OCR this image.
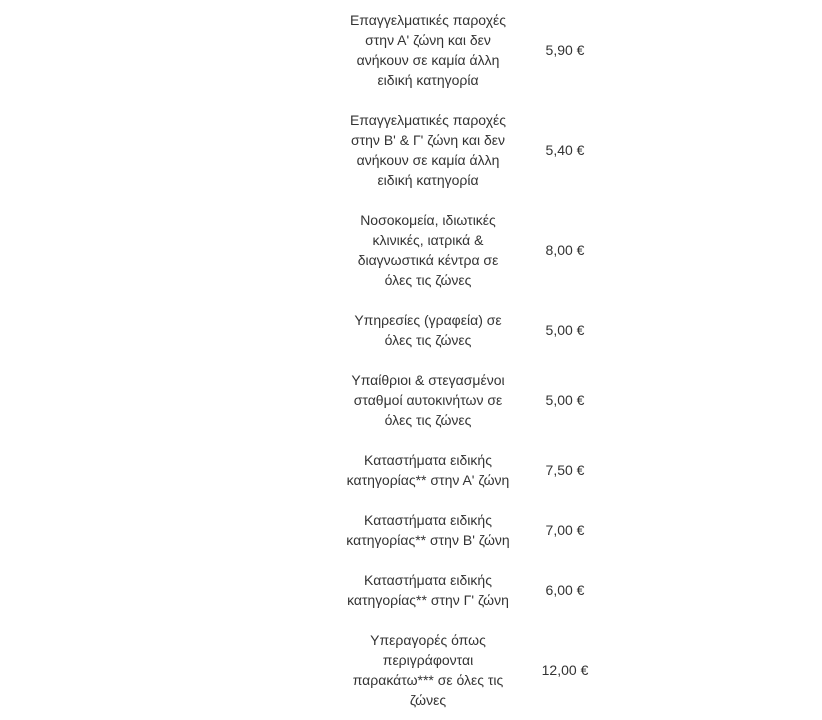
Επαγγελματικές παροχές
στην Α' ζώνη και δεν
ανήκουν σε καμία άλλη
ειδική κατηγορία	5,90 €

Επαγγελματικές παροχές
στην Β' & Γ' ζώνη και δεν
ανήκουν σε καμία άλλη
ειδική κατηγορία	5,40 €

Νοσοκομεία, ιδιωτικές
κλινικές, ιατρικά &
διαγνωστικά κέντρα σε
όλες τις ζώνες	8,00 €

Υπηρεσίες (γραφεία) σε
όλες τις ζώνες	5,00 €

Υπαίθριοι & στεγασμένοι
σταθμοί αυτοκινήτων σε
όλες τις ζώνες	5,00 €

Καταστήματα ειδικής
κατηγορίας** στην Α' ζώνη	7,50 €

Καταστήματα ειδικής
κατηγορίας** στην Β' ζώνη	7,00 €

Καταστήματα ειδικής
κατηγορίας** στην Γ' ζώνη	6,00 €

Υπεραγορές όπως
περιγράφονται
παρακάτω*** σε όλες τις
ζώνες	12,00 €
